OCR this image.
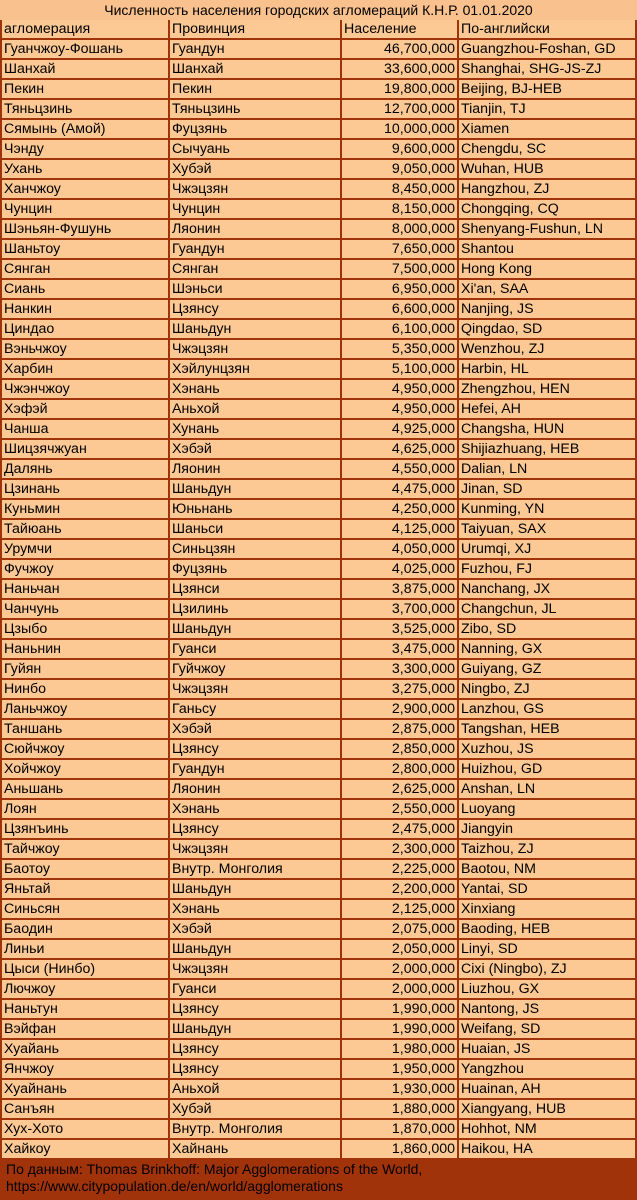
Численность населения городских агломераций К.Н.Р. 01.01.2020
агломерация	Провинция	Население	По-английски
Гуанчжоу-Фошань	Гуандун	46,700,000 Guangzhou-Foshan, GD
Шанхай	Шанхай	33,600,000 Shanghai, SHG-JS-ZJ
Пекин	Пекин	19,800,000 Beijing, BJ-HEB
Тяньцзинь	Тяньцзинь	12,700,000 Tianjin, TJ
Сямынь (Амой)	Фуцзянь	10,000,000 Xiamen
Чэнду	Сычуань	9,600,000 Chengdu, SC
Ухань	Хубэй	9,050,000 Wuhan, HUB
Ханчжоу	Чжэцзян	8,450,000 Hangzhou, ZJ
Чунцин	Чунцин	8,150,000 Chongqing, CQ
Шэньян-Фушунь	Ляонин	8,000,000 Shenyang-Fushun, LN
Шаньтоу	Гуандун	7,650,000 Shantou
Сянган	Сянган	7,500,000 Hong Kong
Сиань	Шэньси	6,950,000 Xi'an, SAA
Нанкин	Цзянсу	6,600,000 Nanjing, JS
Циндао	Шаньдун	6,100,000 Qingdao, SD
Вэньчжоу	Чжэцзян	5,350,000 Wenzhou, ZJ
Харбин	Хэйлунцзян	5,100,000 Harbin, HL
Чжэнчжоу	Хэнань	4,950,000 Zhengzhou, HEN
Хэфэй	Аньхой	4,950,000 Hefei, AH
Чанша	Хунань	4,925,000 Changsha, HUN
Шицзячжуан	Хэбэй	4,625,000 Shijiazhuang, HEB
Далянь	Ляонин	4,550,000 Dalian, LN
Цзинань	Шаньдун	4,475,000 Jinan, SD
Куньмин	Юньнань	4,250,000 Kunming, YN
Тайюань	Шаньси	4,125,000 Taiyuan, SAX
Урумчи	Синьцзян	4,050,000 Urumqi, XJ
Фучжоу	Фуцзянь	4,025,000 Fuzhou, FJ
Наньчан	Цзянси	3,875,000 Nanchang, JX
Чанчунь	Цзилинь	3,700,000 Changchun, JL
Цзыбо	Шаньдун	3,525,000 Zibo, SD
Наньнин	Гуанси	3,475,000 Nanning, GX
Гуйян	Гуйчжоу	3,300,000 Guiyang, GZ
Нинбо	Чжэцзян	3,275,000 Ningbo, ZJ
Ланьчжоу	Ганьсу	2,900,000 Lanzhou, GS
Таншань	Хэбэй	2,875,000 Tangshan, HEB
Сюйчжоу	Цзянсу	2,850,000 Xuzhou, JS
Хойчжоу	Гуандун	2,800,000 Huizhou, GD
Аньшань	Ляонин	2,625,000 Anshan, LN
Лоян	Хэнань	2,550,000 Luoyang
Цзянъинь	Цзянсу	2,475,000 Jiangyin
Тайчжоу	Чжэцзян	2,300,000 Taizhou, ZJ
Баотоу	Внутр. Монголия	2,225,000 Baotou, NM
Яньтай	Шаньдун	2,200,000 Yantai, SD
Синьсян	Хэнань	2,125,000 Xinxiang
Баодин	Хэбэй	2,075,000 Baoding, HEB
Линьи	Шаньдун	2,050,000 Linyi, SD
Цыси (Нинбо)	Чжэцзян	2,000,000 Cixi (Ningbo), ZJ
Лючжоу	Гуанси	2,000,000 Liuzhou, GX
Наньтун	Цзянсу	1,990,000 Nantong, JS
Вэйфан	Шаньдун	1,990,000 Weifang, SD
Хуайань	Цзянсу	1,980,000 Huaian, JS
Янчжоу	Цзянсу	1,950,000 Yangzhou
Хуайнань	Аньхой	1,930,000 Huainan, AH
Санъян	Хубэй	1,880,000 Xiangyang, HUB
Хух-Хото	Внутр. Монголия	1,870,000 Hohhot, NM
Хайкоу	Хайнань	1,860,000 Haikou, HA
По данным: Thomas Brinkhoff: Major Agglomerations of the World,
https://www.citypopulation.de/en/world/agglomerations
